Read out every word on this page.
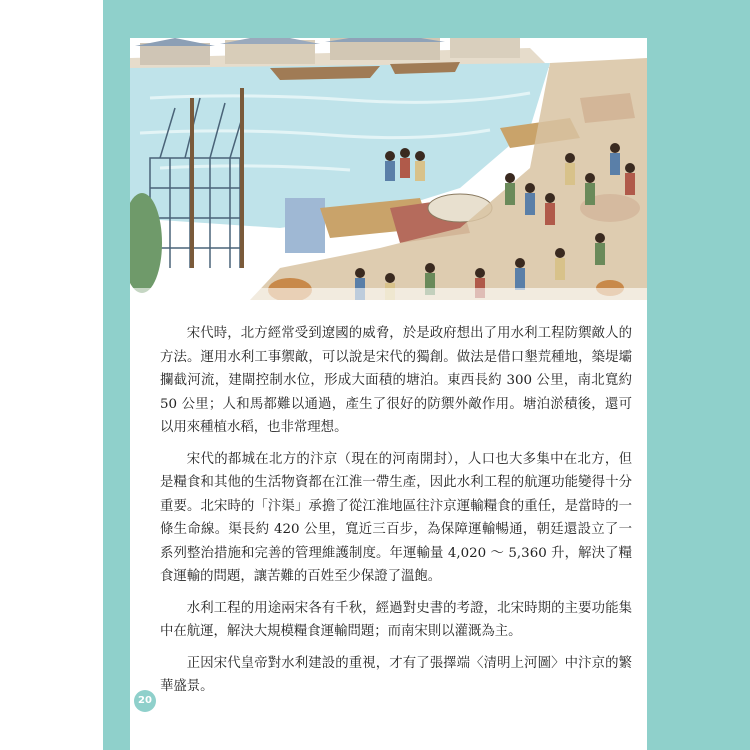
宋代時，北方經常受到遼國的威脅，於是政府想出了用水利工程防禦敵人的方法。運用水利工事禦敵，可以說是宋代的獨創。做法是借口墾荒種地，築堤壩攔截河流，建閘控制水位，形成大面積的塘泊。東西長約 300 公里，南北寬約 50 公里；人和馬都難以通過，產生了很好的防禦外敵作用。塘泊淤積後，還可以用來種植水稻，也非常理想。

宋代的都城在北方的汴京（現在的河南開封），人口也大多集中在北方，但是糧食和其他的生活物資都在江淮一帶生產，因此水利工程的航運功能變得十分重要。北宋時的「汴渠」承擔了從江淮地區往汴京運輸糧食的重任，是當時的一條生命線。渠長約 420 公里，寬近三百步，為保障運輸暢通，朝廷還設立了一系列整治措施和完善的管理維護制度。年運輸量 4,020 ～ 5,360 升，解決了糧食運輸的問題，讓苦難的百姓至少保證了溫飽。

水利工程的用途兩宋各有千秋，經過對史書的考證，北宋時期的主要功能集中在航運，解決大規模糧食運輸問題；而南宋則以灌溉為主。

正因宋代皇帝對水利建設的重視，才有了張擇端〈清明上河圖〉中汴京的繁華盛景。

20
